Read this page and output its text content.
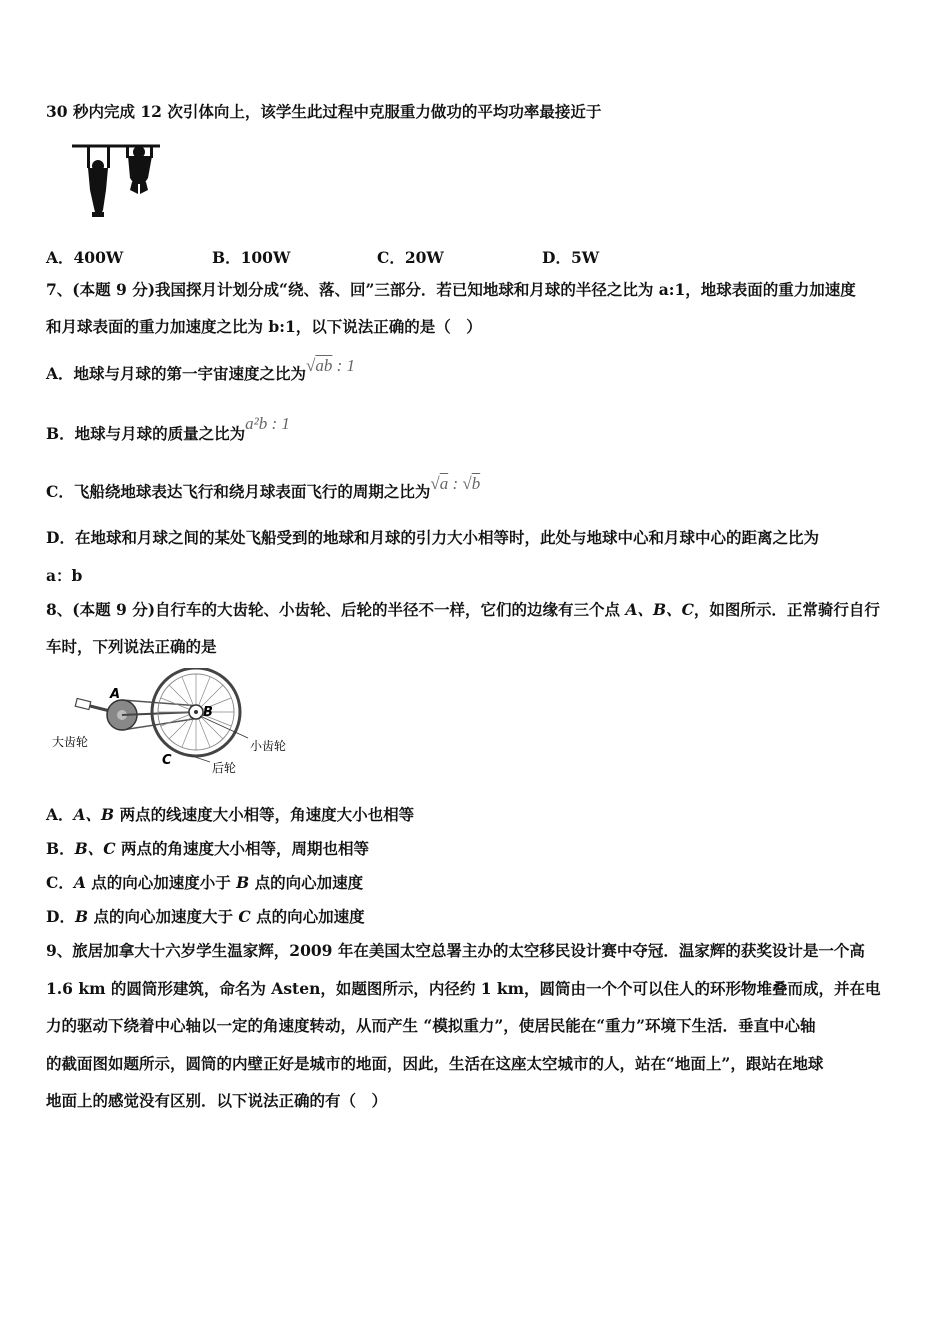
30 秒内完成 12 次引体向上，该学生此过程中克服重力做功的平均功率最接近于
A．400W	B．100W	C．20W	D．5W
7、(本题 9 分)我国探月计划分成“绕、落、回”三部分．若已知地球和月球的半径之比为 a:1，地球表面的重力加速度
和月球表面的重力加速度之比为 b:1，以下说法正确的是（　）
A．地球与月球的第一宇宙速度之比为√ab : 1
B．地球与月球的质量之比为a²b : 1
C．飞船绕地球表达飞行和绕月球表面飞行的周期之比为√a : √b
D．在地球和月球之间的某处飞船受到的地球和月球的引力大小相等时，此处与地球中心和月球中心的距离之比为
a：b
8、(本题 9 分)自行车的大齿轮、小齿轮、后轮的半径不一样，它们的边缘有三个点 A、B、C，如图所示．正常骑行自行
车时，下列说法正确的是
A
B
C
大齿轮	小齿轮
后轮
A．A、B 两点的线速度大小相等，角速度大小也相等
B．B、C 两点的角速度大小相等，周期也相等
C．A 点的向心加速度小于 B 点的向心加速度
D．B 点的向心加速度大于 C 点的向心加速度
9、旅居加拿大十六岁学生温家辉，2009 年在美国太空总署主办的太空移民设计赛中夺冠．温家辉的获奖设计是一个高
1.6 km 的圆筒形建筑，命名为 Asten，如题图所示，内径约 1 km，圆筒由一个个可以住人的环形物堆叠而成，并在电
力的驱动下绕着中心轴以一定的角速度转动，从而产生 “模拟重力”，使居民能在“重力”环境下生活．垂直中心轴
的截面图如题所示，圆筒的内壁正好是城市的地面，因此，生活在这座太空城市的人，站在“地面上”，跟站在地球
地面上的感觉没有区别．以下说法正确的有（　）
